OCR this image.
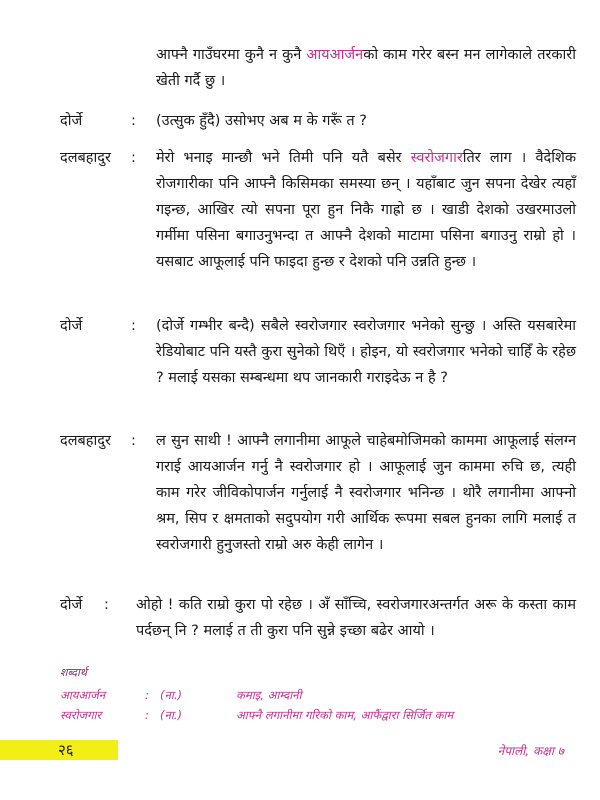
आफ्नै गाउँघरमा कुनै न कुनै आयआर्जनको काम गरेर बस्न मन लागेकाले तरकारी खेती गर्दै छु ।
दोर्जे	: (उत्सुक हुँदै) उसोभए अब म के गरूँ त ?
दलबहादुर : मेरो भनाइ मान्छौ भने तिमी पनि यतै बसेर स्वरोजगारतिर लाग । वैदेशिक रोजगारीका पनि आफ्नै किसिमका समस्या छन् । यहाँबाट जुन सपना देखेर त्यहाँ गइन्छ, आखिर त्यो सपना पूरा हुन निकै गाह्रो छ । खाडी देशको उखरमाउलो गर्मीमा पसिना बगाउनुभन्दा त आफ्नै देशको माटामा पसिना बगाउनु राम्रो हो । यसबाट आफूलाई पनि फाइदा हुन्छ र देशको पनि उन्नति हुन्छ ।
दोर्जे	: (दोर्जे गम्भीर बन्दै) सबैले स्वरोजगार स्वरोजगार भनेको सुन्छु । अस्ति यसबारेमा रेडियोबाट पनि यस्तै कुरा सुनेको थिएँ । होइन, यो स्वरोजगार भनेको चाहिँ के रहेछ ? मलाई यसका सम्बन्धमा थप जानकारी गराइदेऊ न है ?
दलबहादुर : ल सुन साथी ! आफ्नै लगानीमा आफूले चाहेबमोजिमको काममा आफूलाई संलग्न गराई आयआर्जन गर्नु नै स्वरोजगार हो । आफूलाई जुन काममा रुचि छ, त्यही काम गरेर जीविकोपार्जन गर्नुलाई नै स्वरोजगार भनिन्छ । थोरै लगानीमा आफ्नो श्रम, सिप र क्षमताको सदुपयोग गरी आर्थिक रूपमा सबल हुनका लागि मलाई त स्वरोजगारी हुनुजस्तो राम्रो अरु केही लागेन ।
दोर्जे : ओहो ! कति राम्रो कुरा पो रहेछ । अँ साँच्चि, स्वरोजगारअन्तर्गत अरू के कस्ता काम पर्दछन् नि ? मलाई त ती कुरा पनि सुन्ने इच्छा बढेर आयो ।
शब्दार्थ
आयआर्जन	: (ना.)	कमाइ, आम्दानी
स्वरोजगार	: (ना.)	आफ्नै लगानीमा गरिको काम, आफैंद्वारा सिर्जित काम
२६	नेपाली, कक्षा ७
